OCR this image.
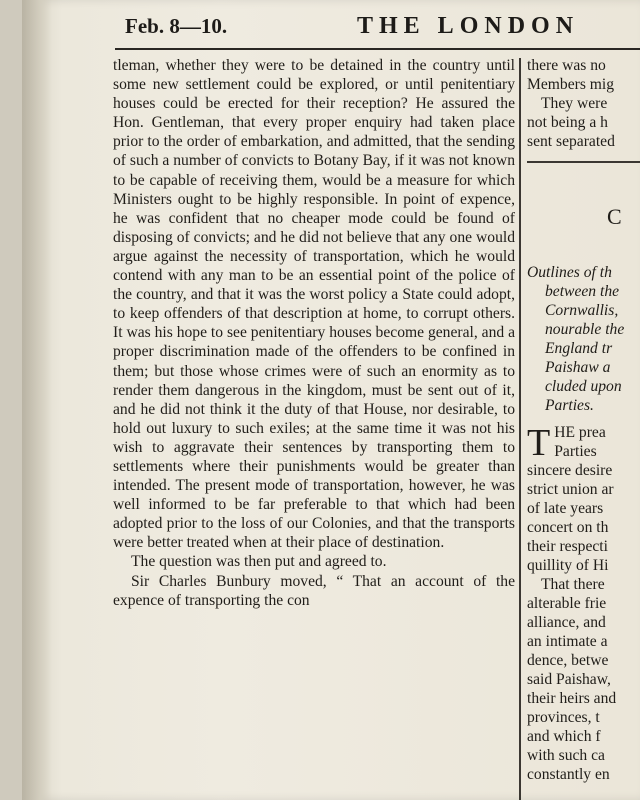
Feb. 8—10.	THE LONDON

tleman, whether they were to be detained in the country until some new settlement could be explored, or until penitentiary houses could be erected for their reception? He assured the Hon. Gentleman, that every proper enquiry had taken place prior to the order of embarkation, and admitted, that the sending of such a number of convicts to Botany Bay, if it was not known to be capable of receiving them, would be a measure for which Ministers ought to be highly responsible. In point of expence, he was confident that no cheaper mode could be found of disposing of convicts; and he did not believe that any one would argue against the necessity of transportation, which he would contend with any man to be an essential point of the police of the country, and that it was the worst policy a State could adopt, to keep offenders of that description at home, to corrupt others. It was his hope to see penitentiary houses become general, and a proper discrimination made of the offenders to be confined in them; but those whose crimes were of such an enormity as to render them dangerous in the kingdom, must be sent out of it, and he did not think it the duty of that House, nor desirable, to hold out luxury to such exiles; at the same time it was not his wish to aggravate their sentences by transporting them to settlements where their punishments would be greater than intended. The present mode of transportation, however, he was well informed to be far preferable to that which had been adopted prior to the loss of our Colonies, and that the transports were better treated when at their place of destination.

The question was then put and agreed to.

Sir Charles Bunbury moved, “ That an account of the expence of transporting the con

there was no
Members mig
They were
not being a h
sent separated
C
Outlines of th
between the
Cornwallis,
nourable the
England tr
Paishaw a
cluded upon
Parties.
T HE prea
Parties
sincere desire
strict union ar
of late years
concert on th
their respecti
quillity of Hi
That there
alterable frie
alliance, and
an intimate a
dence, betwe
said Paishaw,
their heirs and
provinces, t
and which f
with such ca
constantly en
